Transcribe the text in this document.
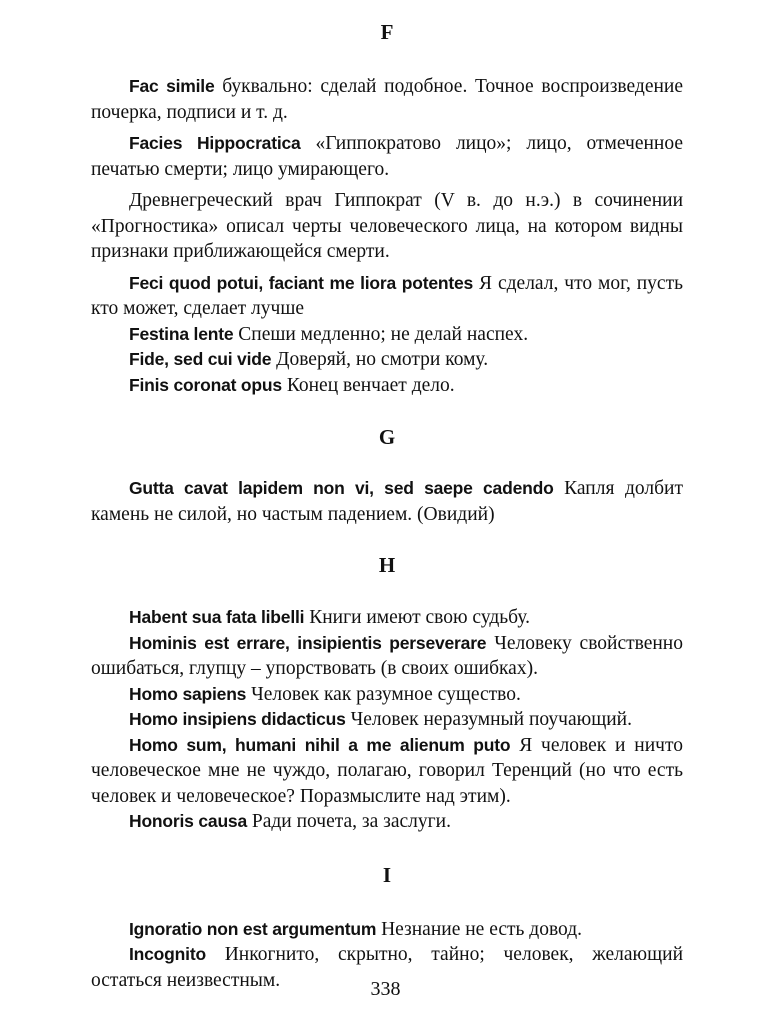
F

Fac simile буквально: сделай подобное. Точное воспроизведение почерка, подписи и т. д.

Facies Hippocratica «Гиппократово лицо»; лицо, отмеченное печатью смерти; лицо умирающего.

Древнегреческий врач Гиппократ (V в. до н.э.) в сочинении «Прогностика» описал черты человеческого лица, на котором видны признаки приближающейся смерти.

Feci quod potui, faciant me liora potentes Я сделал, что мог, пусть кто может, сделает лучше

Festina lente Спеши медленно; не делай наспех.

Fide, sed cui vide Доверяй, но смотри кому.

Finis coronat opus Конец венчает дело.

G

Gutta cavat lapidem non vi, sed saepe cadendo Капля долбит камень не силой, но частым падением. (Овидий)

H

Habent sua fata libelli Книги имеют свою судьбу.

Hominis est errare, insipientis perseverare Человеку свойственно ошибаться, глупцу – упорствовать (в своих ошибках).

Homo sapiens Человек как разумное существо.

Homo insipiens didacticus Человек неразумный поучающий.

Homo sum, humani nihil a me alienum puto Я человек и ничто человеческое мне не чуждо, полагаю, говорил Теренций (но что есть человек и человеческое? Поразмыслите над этим).

Honoris causa Ради почета, за заслуги.

I

Ignoratio non est argumentum Незнание не есть довод.

Incognito Инкогнито, скрытно, тайно; человек, желающий остаться неизвестным.	338
